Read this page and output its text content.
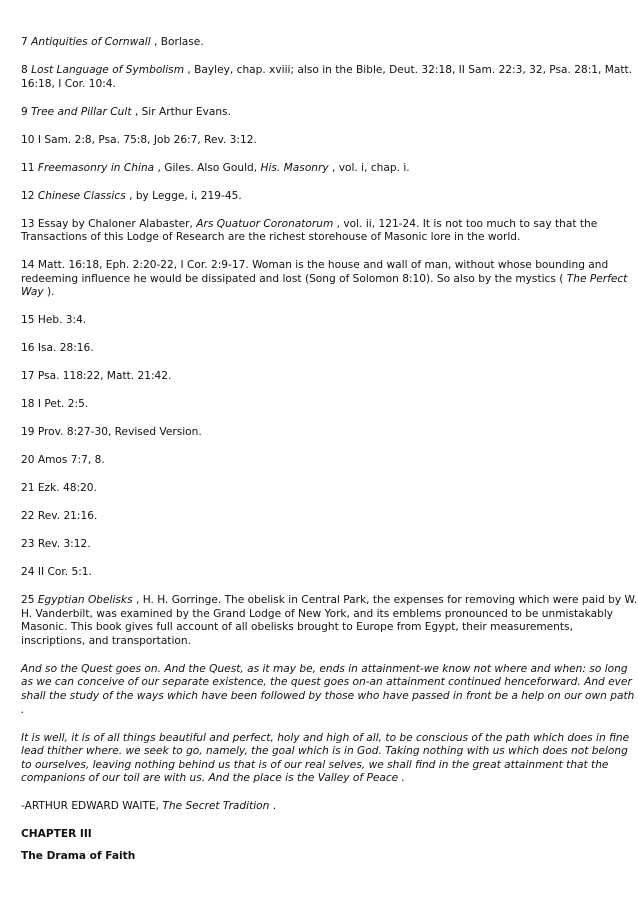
7 Antiquities of Cornwall , Borlase.

8 Lost Language of Symbolism , Bayley, chap. xviii; also in the Bible, Deut. 32:18, II Sam. 22:3, 32, Psa. 28:1, Matt. 16:18, I Cor. 10:4.

9 Tree and Pillar Cult , Sir Arthur Evans.

10 I Sam. 2:8, Psa. 75:8, Job 26:7, Rev. 3:12.

11 Freemasonry in China , Giles. Also Gould, His. Masonry , vol. i, chap. i.

12 Chinese Classics , by Legge, i, 219-45.

13 Essay by Chaloner Alabaster, Ars Quatuor Coronatorum , vol. ii, 121-24. It is not too much to say that the Transactions of this Lodge of Research are the richest storehouse of Masonic lore in the world.

14 Matt. 16:18, Eph. 2:20-22, I Cor. 2:9-17. Woman is the house and wall of man, without whose bounding and redeeming influence he would be dissipated and lost (Song of Solomon 8:10). So also by the mystics ( The Perfect Way ).

15 Heb. 3:4.

16 Isa. 28:16.

17 Psa. 118:22, Matt. 21:42.

18 I Pet. 2:5.

19 Prov. 8:27-30, Revised Version.

20 Amos 7:7, 8.

21 Ezk. 48:20.

22 Rev. 21:16.

23 Rev. 3:12.

24 II Cor. 5:1.

25 Egyptian Obelisks , H. H. Gorringe. The obelisk in Central Park, the expenses for removing which were paid by W. H. Vanderbilt, was examined by the Grand Lodge of New York, and its emblems pronounced to be unmistakably Masonic. This book gives full account of all obelisks brought to Europe from Egypt, their measurements, inscriptions, and transportation.

And so the Quest goes on. And the Quest, as it may be, ends in attainment-we know not where and when: so long as we can conceive of our separate existence, the quest goes on-an attainment continued henceforward. And ever shall the study of the ways which have been followed by those who have passed in front be a help on our own path .

It is well, it is of all things beautiful and perfect, holy and high of all, to be conscious of the path which does in fine lead thither where. we seek to go, namely, the goal which is in God. Taking nothing with us which does not belong to ourselves, leaving nothing behind us that is of our real selves, we shall find in the great attainment that the companions of our toil are with us. And the place is the Valley of Peace .

-ARTHUR EDWARD WAITE, The Secret Tradition .

CHAPTER III

The Drama of Faith
